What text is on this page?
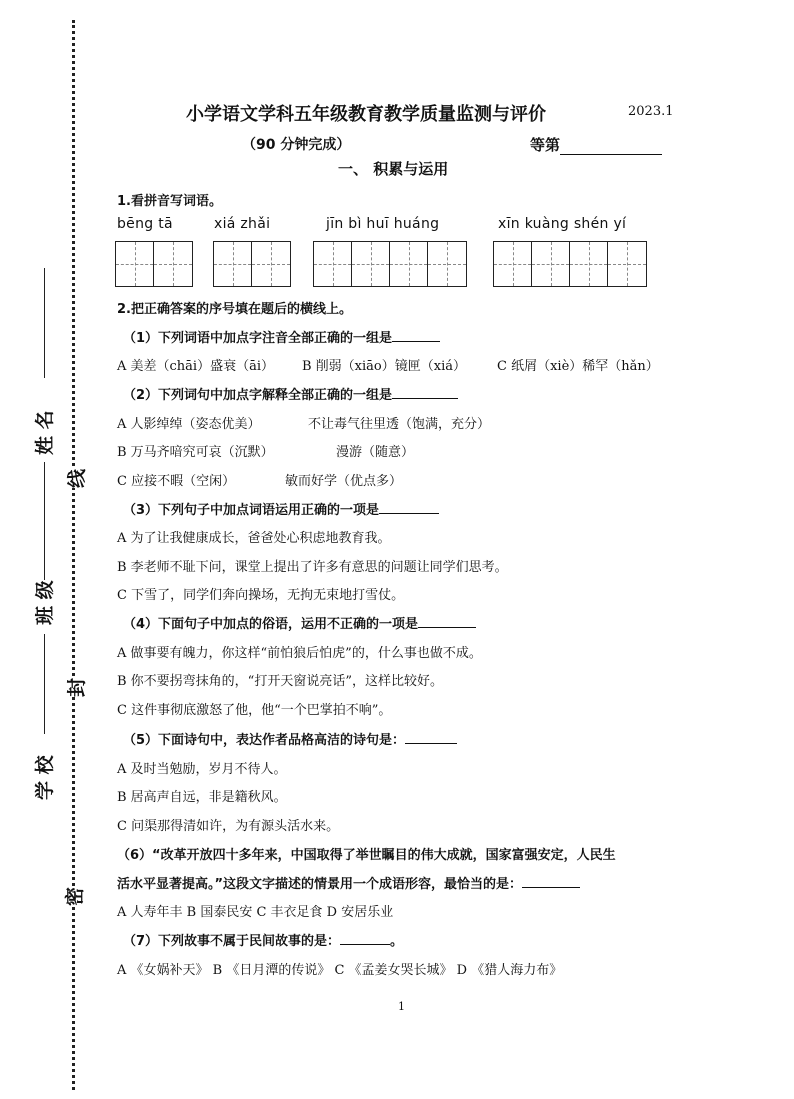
姓 名
班 级
学 校
线
封
密
小学语文学科五年级教育教学质量监测与评价	2023.1
（90 分钟完成）	等第
一、 积累与运用
1.看拼音写词语。
bēng tā	xiá zhǎi	jīn bì huī huáng	xīn kuàng shén yí
2.把正确答案的序号填在题后的横线上。
（1）下列词语中加点字注音全部正确的一组是
A 美差（chāi）盛衰（āi） B 削弱（xiāo）镜匣（xiá） C 纸屑（xiè）稀罕（hǎn）
（2）下列词句中加点字解释全部正确的一组是
A 人影绰绰（姿态优美）	不让毒气往里透（饱满，充分）
B 万马齐喑究可哀（沉默）	漫游（随意）
C 应接不暇（空闲）	敏而好学（优点多）
（3）下列句子中加点词语运用正确的一项是
A 为了让我健康成长，爸爸处心积虑地教育我。
B 李老师不耻下问，课堂上提出了许多有意思的问题让同学们思考。
C 下雪了，同学们奔向操场，无拘无束地打雪仗。
（4）下面句子中加点的俗语，运用不正确的一项是
A 做事要有魄力，你这样“前怕狼后怕虎”的，什么事也做不成。
B 你不要拐弯抹角的，“打开天窗说亮话”，这样比较好。
C 这件事彻底激怒了他，他“一个巴掌拍不响”。
（5）下面诗句中，表达作者品格高洁的诗句是：
A 及时当勉励，岁月不待人。
B 居高声自远，非是籍秋风。
C 问渠那得清如许，为有源头活水来。
（6）“改革开放四十多年来，中国取得了举世瞩目的伟大成就，国家富强安定，人民生
活水平显著提高。”这段文字描述的情景用一个成语形容，最恰当的是：
A 人寿年丰 B 国泰民安 C 丰衣足食 D 安居乐业
（7）下列故事不属于民间故事的是：	。
A 《女娲补天》 B 《日月潭的传说》 C 《孟姜女哭长城》 D 《猎人海力布》
1
